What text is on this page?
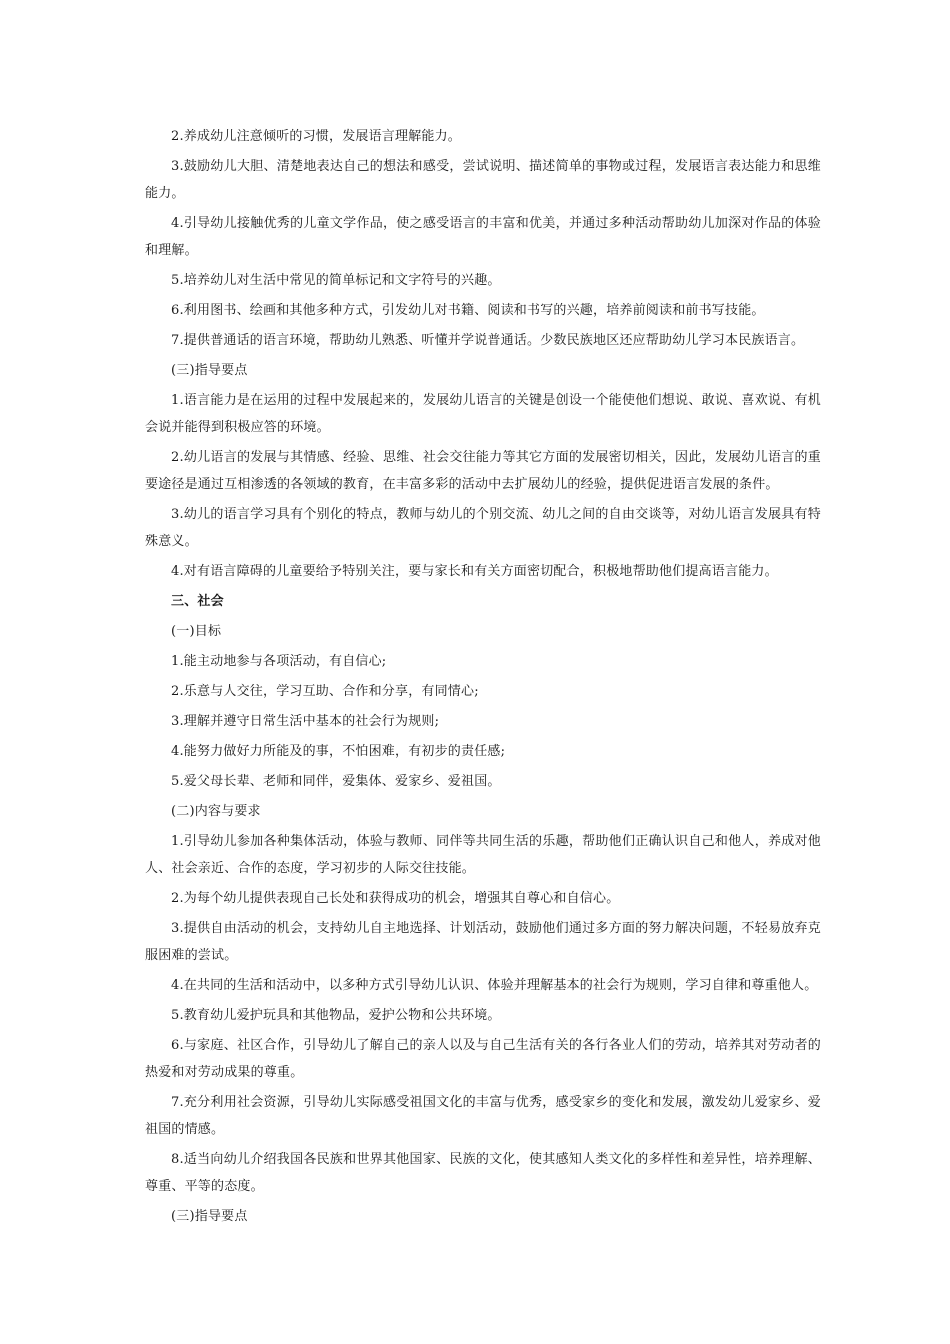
2.养成幼儿注意倾听的习惯，发展语言理解能力。

3.鼓励幼儿大胆、清楚地表达自己的想法和感受，尝试说明、描述简单的事物或过程，发展语言表达能力和思维能力。

4.引导幼儿接触优秀的儿童文学作品，使之感受语言的丰富和优美，并通过多种活动帮助幼儿加深对作品的体验和理解。

5.培养幼儿对生活中常见的简单标记和文字符号的兴趣。

6.利用图书、绘画和其他多种方式，引发幼儿对书籍、阅读和书写的兴趣，培养前阅读和前书写技能。

7.提供普通话的语言环境，帮助幼儿熟悉、听懂并学说普通话。少数民族地区还应帮助幼儿学习本民族语言。

(三)指导要点

1.语言能力是在运用的过程中发展起来的，发展幼儿语言的关键是创设一个能使他们想说、敢说、喜欢说、有机会说并能得到积极应答的环境。

2.幼儿语言的发展与其情感、经验、思维、社会交往能力等其它方面的发展密切相关，因此，发展幼儿语言的重要途径是通过互相渗透的各领域的教育，在丰富多彩的活动中去扩展幼儿的经验，提供促进语言发展的条件。

3.幼儿的语言学习具有个别化的特点，教师与幼儿的个别交流、幼儿之间的自由交谈等，对幼儿语言发展具有特殊意义。

4.对有语言障碍的儿童要给予特别关注，要与家长和有关方面密切配合，积极地帮助他们提高语言能力。

三、社会

(一)目标

1.能主动地参与各项活动，有自信心;

2.乐意与人交往，学习互助、合作和分享，有同情心;

3.理解并遵守日常生活中基本的社会行为规则;

4.能努力做好力所能及的事，不怕困难，有初步的责任感;

5.爱父母长辈、老师和同伴，爱集体、爱家乡、爱祖国。

(二)内容与要求

1.引导幼儿参加各种集体活动，体验与教师、同伴等共同生活的乐趣，帮助他们正确认识自己和他人，养成对他人、社会亲近、合作的态度，学习初步的人际交往技能。

2.为每个幼儿提供表现自己长处和获得成功的机会，增强其自尊心和自信心。

3.提供自由活动的机会，支持幼儿自主地选择、计划活动，鼓励他们通过多方面的努力解决问题，不轻易放弃克服困难的尝试。

4.在共同的生活和活动中，以多种方式引导幼儿认识、体验并理解基本的社会行为规则，学习自律和尊重他人。

5.教育幼儿爱护玩具和其他物品，爱护公物和公共环境。

6.与家庭、社区合作，引导幼儿了解自己的亲人以及与自己生活有关的各行各业人们的劳动，培养其对劳动者的热爱和对劳动成果的尊重。

7.充分利用社会资源，引导幼儿实际感受祖国文化的丰富与优秀，感受家乡的变化和发展，激发幼儿爱家乡、爱祖国的情感。

8.适当向幼儿介绍我国各民族和世界其他国家、民族的文化，使其感知人类文化的多样性和差异性，培养理解、尊重、平等的态度。

(三)指导要点
